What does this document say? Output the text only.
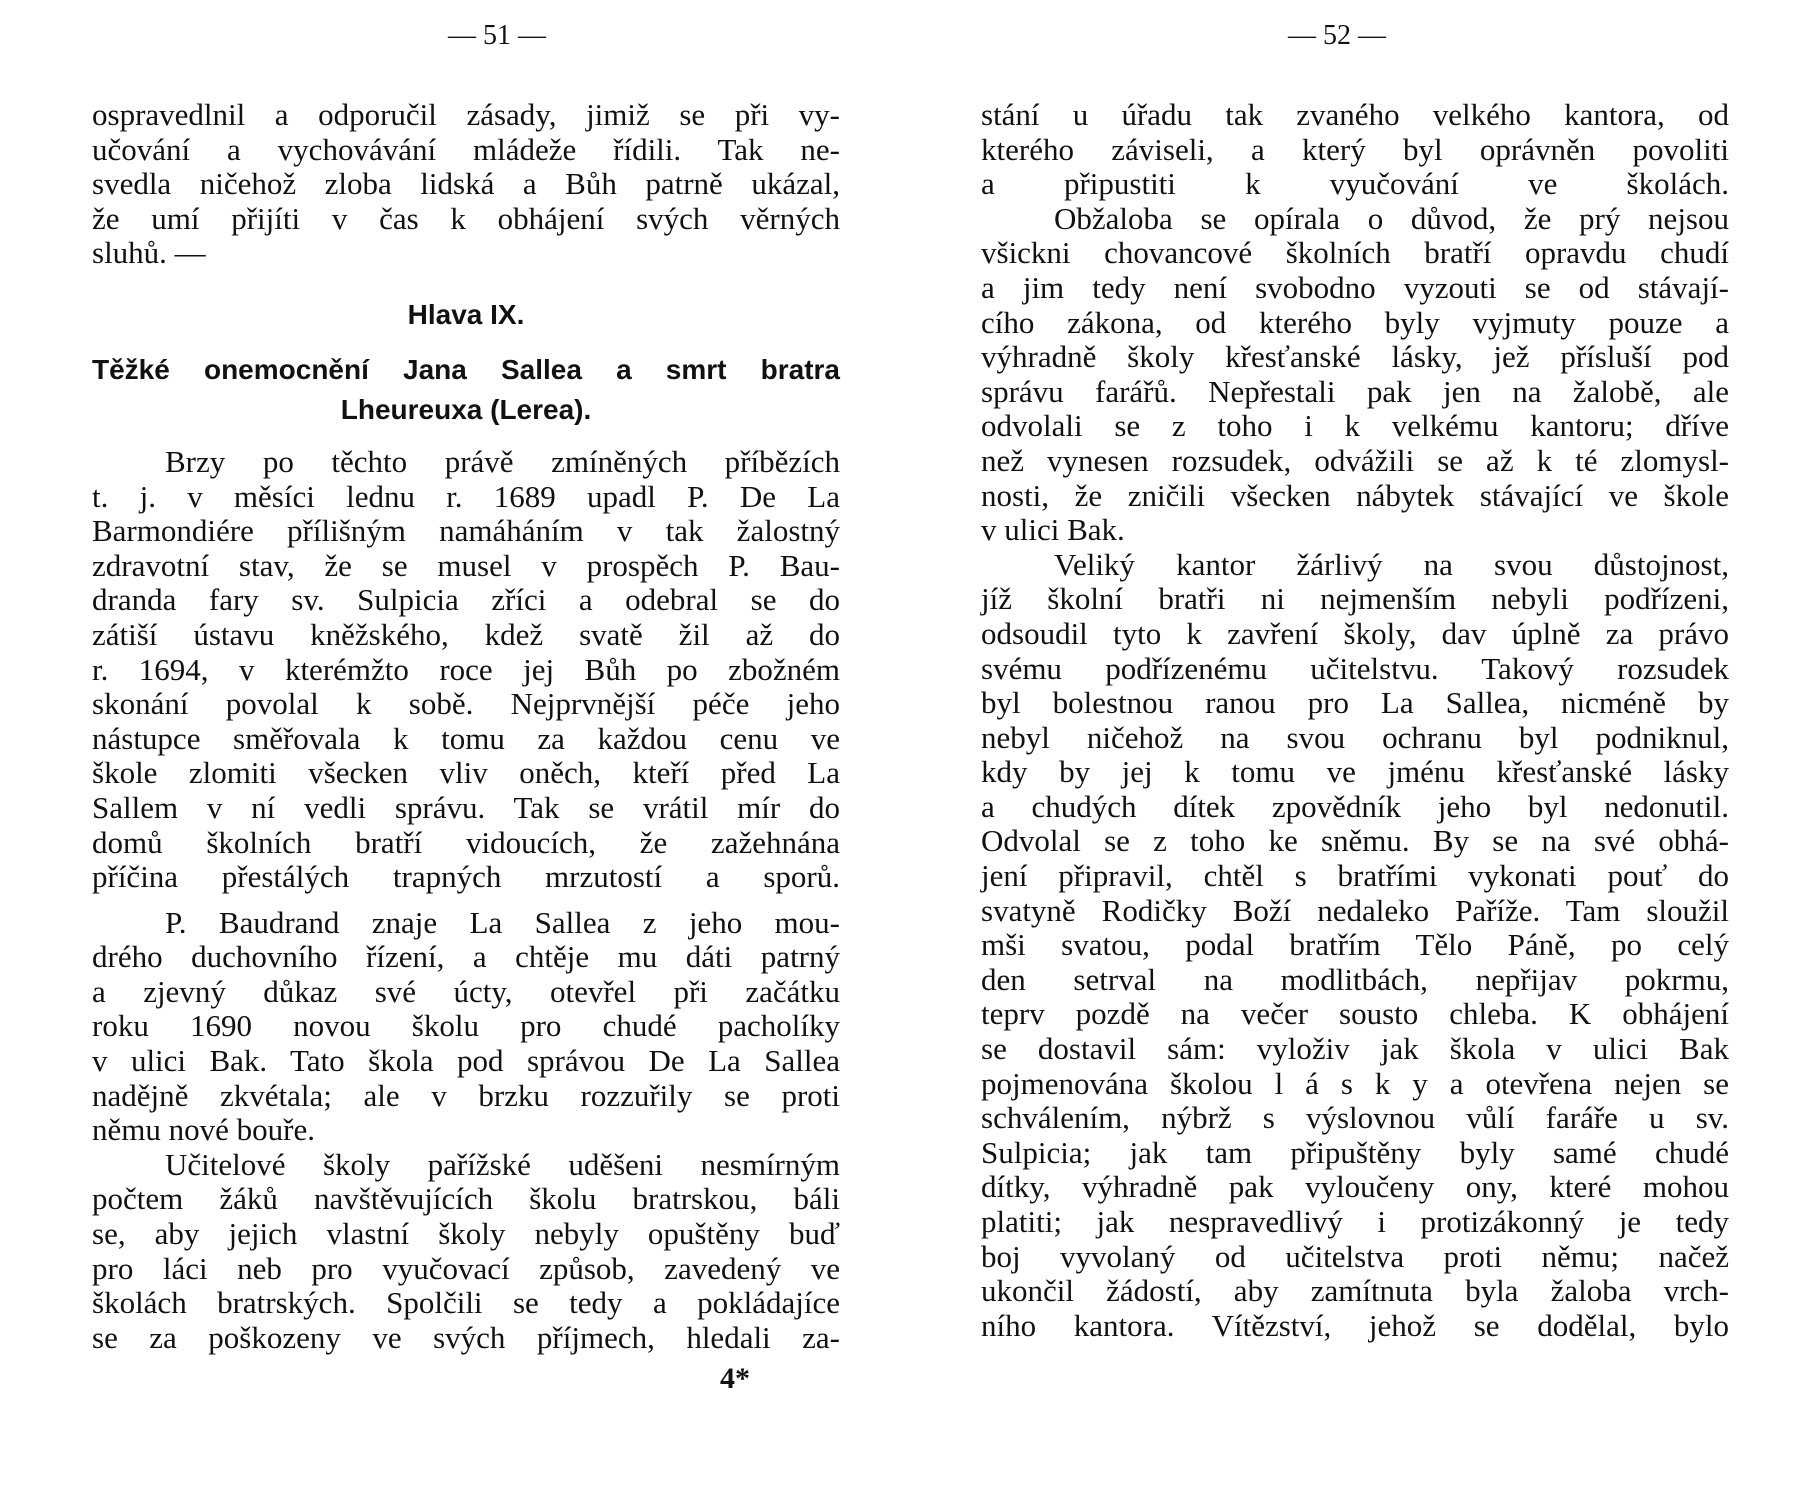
— 51 —	— 52 —
ospravedlnil a odporučil zásady, jimiž se při vy-
učování a vychovávání mládeže řídili. Tak ne-
svedla ničehož zloba lidská a Bůh patrně ukázal,
že umí přijíti v čas k obhájení svých věrných
sluhů. —
Hlava IX.
Těžké onemocnění Jana Sallea a smrt bratra
Lheureuxa (Lerea).
Brzy po těchto právě zmíněných příbězích
t. j. v měsíci lednu r. 1689 upadl P. De La
Barmondiére přílišným namáháním v tak žalostný
zdravotní stav, že se musel v prospěch P. Bau-
dranda fary sv. Sulpicia zříci a odebral se do
zátiší ústavu kněžského, kdež svatě žil až do
r. 1694, v kterémžto roce jej Bůh po zbožném
skonání povolal k sobě. Nejprvnější péče jeho
nástupce směřovala k tomu za každou cenu ve
škole zlomiti všecken vliv oněch, kteří před La
Sallem v ní vedli správu. Tak se vrátil mír do
domů školních bratří vidoucích, že zažehnána
příčina přestálých trapných mrzutostí a sporů.
P. Baudrand znaje La Sallea z jeho mou-
drého duchovního řízení, a chtěje mu dáti patrný
a zjevný důkaz své úcty, otevřel při začátku
roku 1690 novou školu pro chudé pacholíky
v ulici Bak. Tato škola pod správou De La Sallea
nadějně zkvétala; ale v brzku rozzuřily se proti
němu nové bouře.
Učitelové školy pařížské uděšeni nesmírným
počtem žáků navštěvujících školu bratrskou, báli
se, aby jejich vlastní školy nebyly opuštěny buď
pro láci neb pro vyučovací způsob, zavedený ve
školách bratrských. Spolčili se tedy a pokládajíce
se za poškozeny ve svých příjmech, hledali za-
4*
stání u úřadu tak zvaného velkého kantora, od
kterého záviseli, a který byl oprávněn povoliti
a připustiti k vyučování ve školách.
Obžaloba se opírala o důvod, že prý nejsou
všickni chovancové školních bratří opravdu chudí
a jim tedy není svobodno vyzouti se od stávají-
cího zákona, od kterého byly vyjmuty pouze a
výhradně školy křesťanské lásky, jež přísluší pod
správu farářů. Nepřestali pak jen na žalobě, ale
odvolali se z toho i k velkému kantoru; dříve
než vynesen rozsudek, odvážili se až k té zlomysl-
nosti, že zničili všecken nábytek stávající ve škole
v ulici Bak.
Veliký kantor žárlivý na svou důstojnost,
jíž školní bratři ni nejmenším nebyli podřízeni,
odsoudil tyto k zavření školy, dav úplně za právo
svému podřízenému učitelstvu. Takový rozsudek
byl bolestnou ranou pro La Sallea, nicméně by
nebyl ničehož na svou ochranu byl podniknul,
kdy by jej k tomu ve jménu křesťanské lásky
a chudých dítek zpovědník jeho byl nedonutil.
Odvolal se z toho ke sněmu. By se na své obhá-
jení připravil, chtěl s bratřími vykonati pouť do
svatyně Rodičky Boží nedaleko Paříže. Tam sloužil
mši svatou, podal bratřím Tělo Páně, po celý
den setrval na modlitbách, nepřijav pokrmu,
teprv pozdě na večer sousto chleba. K obhájení
se dostavil sám: vyloživ jak škola v ulici Bak
pojmenována školou l á s k y a otevřena nejen se
schválením, nýbrž s výslovnou vůlí faráře u sv.
Sulpicia; jak tam připuštěny byly samé chudé
dítky, výhradně pak vyloučeny ony, které mohou
platiti; jak nespravedlivý i protizákonný je tedy
boj vyvolaný od učitelstva proti němu; načež
ukončil žádostí, aby zamítnuta byla žaloba vrch-
ního kantora. Vítězství, jehož se dodělal, bylo
